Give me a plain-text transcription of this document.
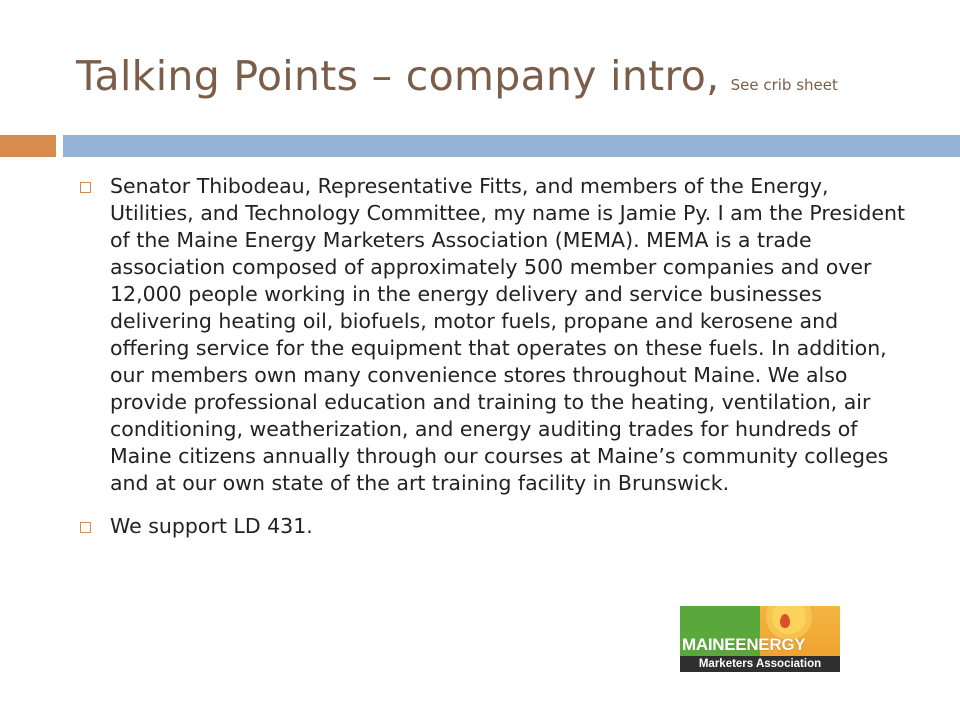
Talking Points – company intro, See crib sheet
Senator Thibodeau, Representative Fitts, and members of the Energy, Utilities, and Technology Committee, my name is Jamie Py. I am the President of the Maine Energy Marketers Association (MEMA). MEMA is a trade association composed of approximately 500 member companies and over 12,000 people working in the energy delivery and service businesses delivering heating oil, biofuels, motor fuels, propane and kerosene and offering service for the equipment that operates on these fuels. In addition, our members own many convenience stores throughout Maine. We also provide professional education and training to the heating, ventilation, air conditioning, weatherization, and energy auditing trades for hundreds of Maine citizens annually through our courses at Maine’s community colleges and at our own state of the art training facility in Brunswick.
We support LD 431.
MAINEENERGY
Marketers Association
